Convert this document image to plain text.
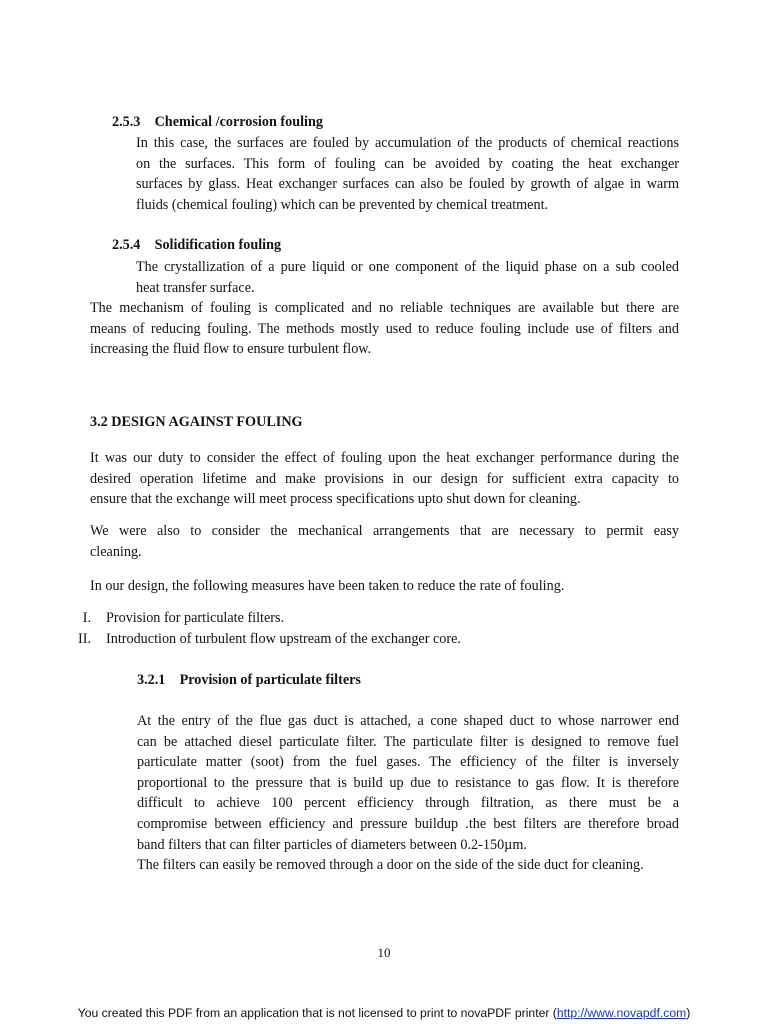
2.5.3 Chemical /corrosion fouling
In this case, the surfaces are fouled by accumulation of the products of chemical reactions
on the surfaces. This form of fouling can be avoided by coating the heat exchanger
surfaces by glass. Heat exchanger surfaces can also be fouled by growth of algae in warm
fluids (chemical fouling) which can be prevented by chemical treatment.
2.5.4 Solidification fouling
The crystallization of a pure liquid or one component of the liquid phase on a sub cooled
heat transfer surface.
The mechanism of fouling is complicated and no reliable techniques are available but there are
means of reducing fouling. The methods mostly used to reduce fouling include use of filters and
increasing the fluid flow to ensure turbulent flow.
3.2 DESIGN AGAINST FOULING
It was our duty to consider the effect of fouling upon the heat exchanger performance during the
desired operation lifetime and make provisions in our design for sufficient extra capacity to
ensure that the exchange will meet process specifications upto shut down for cleaning.
We were also to consider the mechanical arrangements that are necessary to permit easy
cleaning.
In our design, the following measures have been taken to reduce the rate of fouling.
I. Provision for particulate filters.
II. Introduction of turbulent flow upstream of the exchanger core.
3.2.1 Provision of particulate filters
At the entry of the flue gas duct is attached, a cone shaped duct to whose narrower end
can be attached diesel particulate filter. The particulate filter is designed to remove fuel
particulate matter (soot) from the fuel gases. The efficiency of the filter is inversely
proportional to the pressure that is build up due to resistance to gas flow. It is therefore
difficult to achieve 100 percent efficiency through filtration, as there must be a
compromise between efficiency and pressure buildup .the best filters are therefore broad
band filters that can filter particles of diameters between 0.2-150µm.
The filters can easily be removed through a door on the side of the side duct for cleaning.
10
You created this PDF from an application that is not licensed to print to novaPDF printer (http://www.novapdf.com)
